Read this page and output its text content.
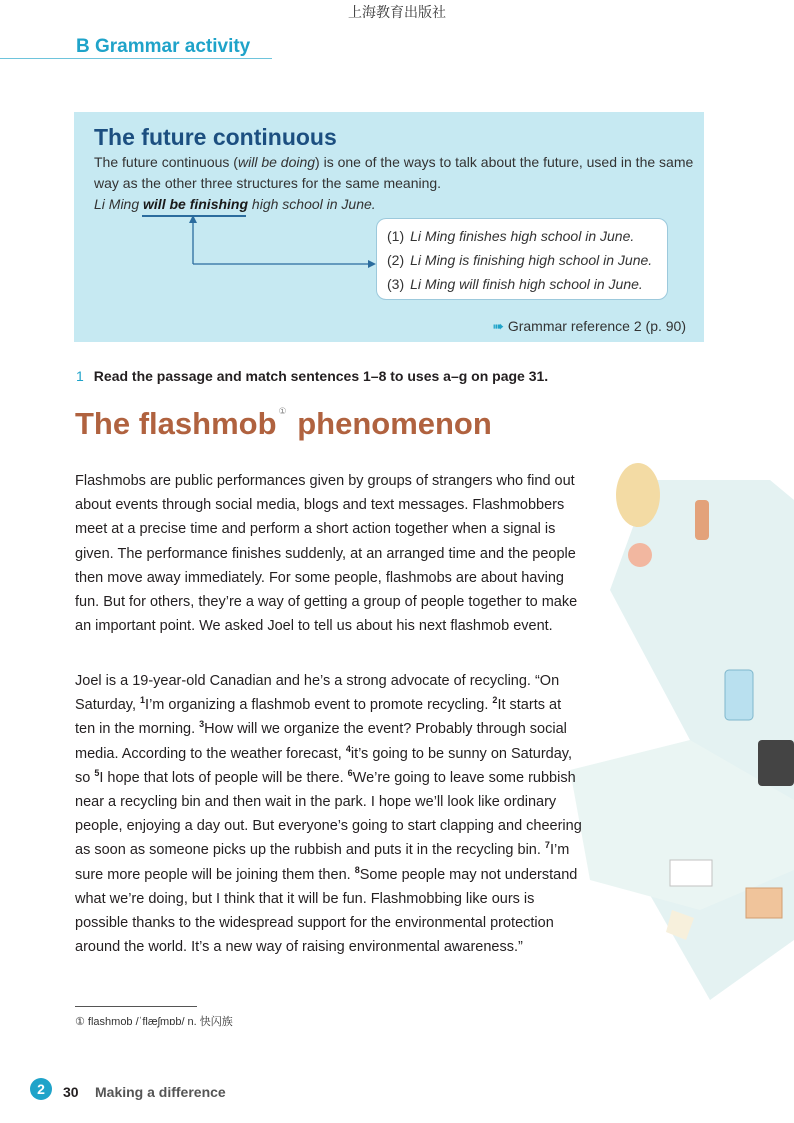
上海教育出版社
B Grammar activity
The future continuous
The future continuous (will be doing) is one of the ways to talk about the future, used in the same way as the other three structures for the same meaning.
Li Ming will be finishing high school in June.
(1) Li Ming finishes high school in June.
(2) Li Ming is finishing high school in June.
(3) Li Ming will finish high school in June.
➠ Grammar reference 2 (p. 90)
1 Read the passage and match sentences 1–8 to uses a–g on page 31.
The flashmob ① phenomenon
Flashmobs are public performances given by groups of strangers who find out about events through social media, blogs and text messages. Flashmobbers meet at a precise time and perform a short action together when a signal is given. The performance finishes suddenly, at an arranged time and the people then move away immediately. For some people, flashmobs are about having fun. But for others, they’re a way of getting a group of people together to make an important point. We asked Joel to tell us about his next flashmob event.
Joel is a 19-year-old Canadian and he’s a strong advocate of recycling. “On Saturday, $^1$I’m organizing a flashmob event to promote recycling. $^2$It starts at ten in the morning. $^3$How will we organize the event? Probably through social media. According to the weather forecast, $^4$it’s going to be sunny on Saturday, so $^5$I hope that lots of people will be there. $^6$We’re going to leave some rubbish near a recycling bin and then wait in the park. I hope we’ll look like ordinary people, enjoying a day out. But everyone’s going to start clapping and cheering as soon as someone picks up the rubbish and puts it in the recycling bin. $^7$I’m sure more people will be joining them then. $^8$Some people may not understand what we’re doing, but I think that it will be fun. Flashmobbing like ours is possible thanks to the widespread support for the environmental protection around the world. It’s a new way of raising environmental awareness.”
① flashmob /ˈflæʃmɒb/ n. 快闪族
2	30 Making a difference
